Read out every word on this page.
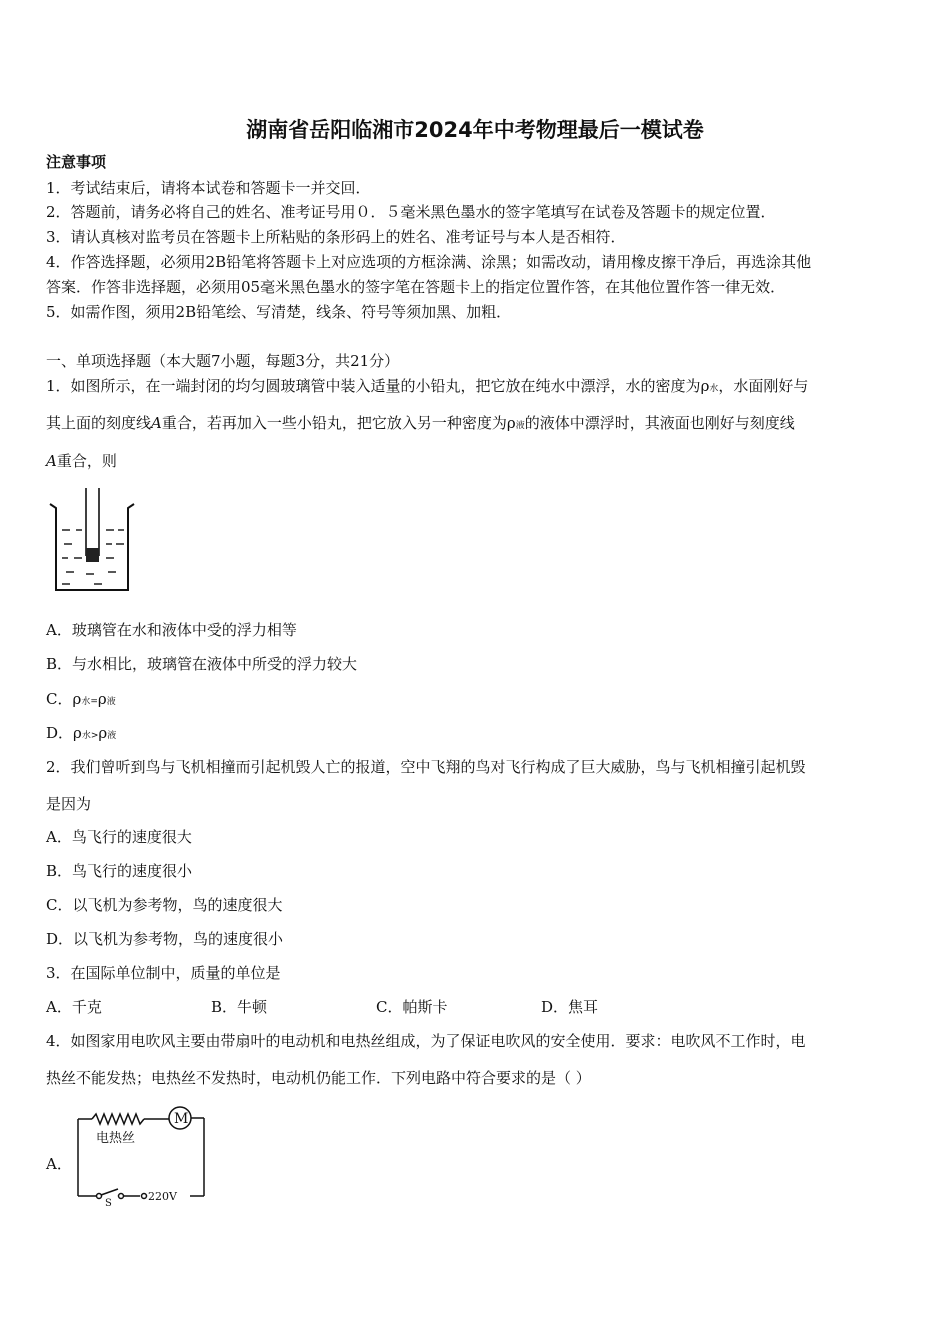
湖南省岳阳临湘市2024年中考物理最后一模试卷
注意事项
1．考试结束后，请将本试卷和答题卡一并交回．
2．答题前，请务必将自己的姓名、准考证号用０．５毫米黑色墨水的签字笔填写在试卷及答题卡的规定位置．
3．请认真核对监考员在答题卡上所粘贴的条形码上的姓名、准考证号与本人是否相符．
4．作答选择题，必须用2B铅笔将答题卡上对应选项的方框涂满、涂黑；如需改动，请用橡皮擦干净后，再选涂其他
答案．作答非选择题，必须用05毫米黑色墨水的签字笔在答题卡上的指定位置作答，在其他位置作答一律无效．
5．如需作图，须用2B铅笔绘、写清楚，线条、符号等须加黑、加粗．
一、单项选择题（本大题7小题，每题3分，共21分）
1．如图所示，在一端封闭的均匀圆玻璃管中装入适量的小铅丸，把它放在纯水中漂浮，水的密度为ρ水，水面刚好与
其上面的刻度线A重合，若再加入一些小铅丸，把它放入另一种密度为ρ液的液体中漂浮时，其液面也刚好与刻度线
A重合，则
A．玻璃管在水和液体中受的浮力相等
B．与水相比，玻璃管在液体中所受的浮力较大
C．ρ水=ρ液
D．ρ水>ρ液
2．我们曾听到鸟与飞机相撞而引起机毁人亡的报道，空中飞翔的鸟对飞行构成了巨大威胁，鸟与飞机相撞引起机毁
是因为
A．鸟飞行的速度很大
B．鸟飞行的速度很小
C．以飞机为参考物，鸟的速度很大
D．以飞机为参考物，鸟的速度很小
3．在国际单位制中，质量的单位是
A．千克	B．牛顿	C．帕斯卡	D．焦耳
4．如图家用电吹风主要由带扇叶的电动机和电热丝组成，为了保证电吹风的安全使用．要求：电吹风不工作时，电
热丝不能发热；电热丝不发热时，电动机仍能工作．下列电路中符合要求的是（ ）
A．
M
电热丝
S
220V
